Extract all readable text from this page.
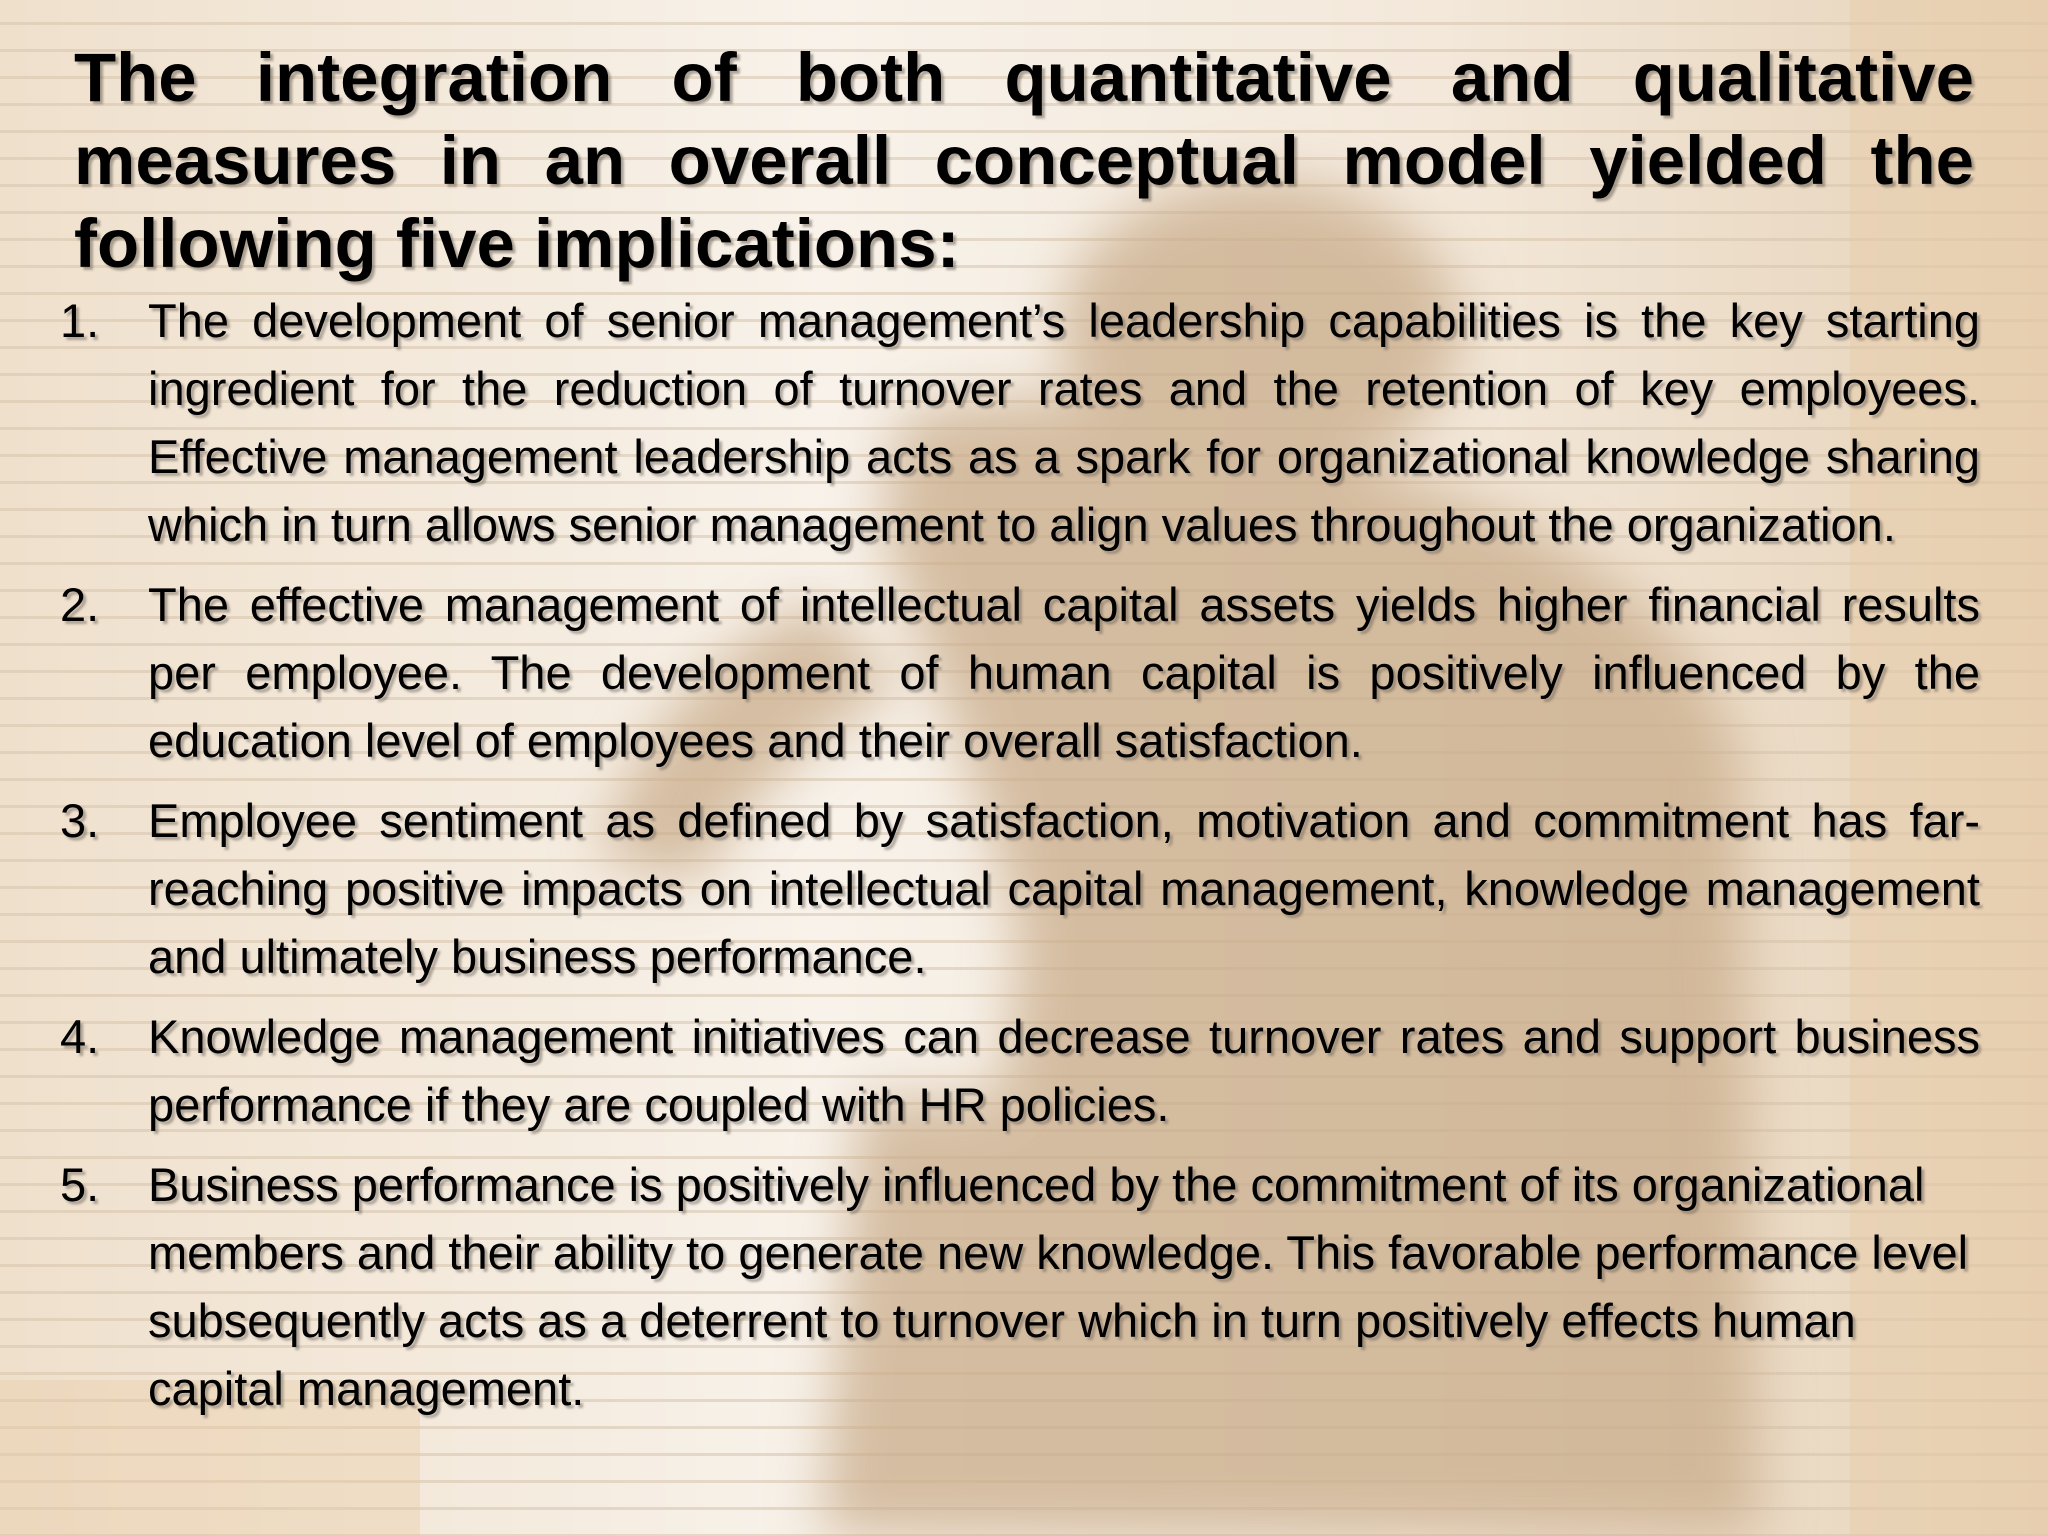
The integration of both quantitative and qualitative measures in an overall conceptual model yielded the following five implications:
1. The development of senior management’s leadership capabilities is the key starting ingredient for the reduction of turnover rates and the retention of key employees. Effective management leadership acts as a spark for organizational knowledge sharing which in turn allows senior management to align values throughout the organization.
2. The effective management of intellectual capital assets yields higher financial results per employee. The development of human capital is positively influenced by the education level of employees and their overall satisfaction.
3. Employee sentiment as defined by satisfaction, motivation and commitment has far- reaching positive impacts on intellectual capital management, knowledge management and ultimately business performance.
4. Knowledge management initiatives can decrease turnover rates and support business performance if they are coupled with HR policies.
5. Business performance is positively influenced by the commitment of its organizational members and their ability to generate new knowledge. This favorable performance level subsequently acts as a deterrent to turnover which in turn positively effects human capital management.
